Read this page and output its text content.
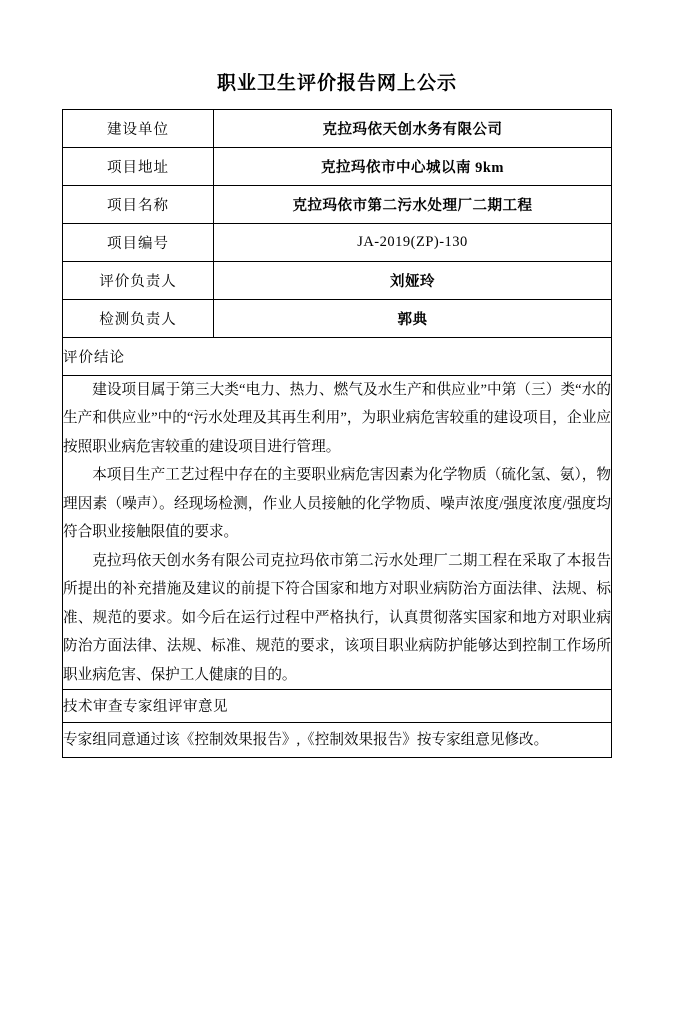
职业卫生评价报告网上公示
建设单位	克拉玛依天创水务有限公司
项目地址	克拉玛依市中心城以南 9km
项目名称	克拉玛依市第二污水处理厂二期工程
项目编号	JA-2019(ZP)-130
评价负责人	刘娅玲
检测负责人	郭典
评价结论	

建设项目属于第三大类“电力、热力、燃气及水生产和供应业”中第（三）类“水的生产和供应业”中的“污水处理及其再生利用”，为职业病危害较重的建设项目，企业应按照职业病危害较重的建设项目进行管理。

本项目生产工艺过程中存在的主要职业病危害因素为化学物质（硫化氢、氨），物理因素（噪声）。经现场检测，作业人员接触的化学物质、噪声浓度/强度浓度/强度均符合职业接触限值的要求。

克拉玛依天创水务有限公司克拉玛依市第二污水处理厂二期工程在采取了本报告所提出的补充措施及建议的前提下符合国家和地方对职业病防治方面法律、法规、标准、规范的要求。如今后在运行过程中严格执行，认真贯彻落实国家和地方对职业病防治方面法律、法规、标准、规范的要求，该项目职业病防护能够达到控制工作场所职业病危害、保护工人健康的目的。	

技术审查专家组评审意见	
专家组同意通过该《控制效果报告》,《控制效果报告》按专家组意见修改。	
